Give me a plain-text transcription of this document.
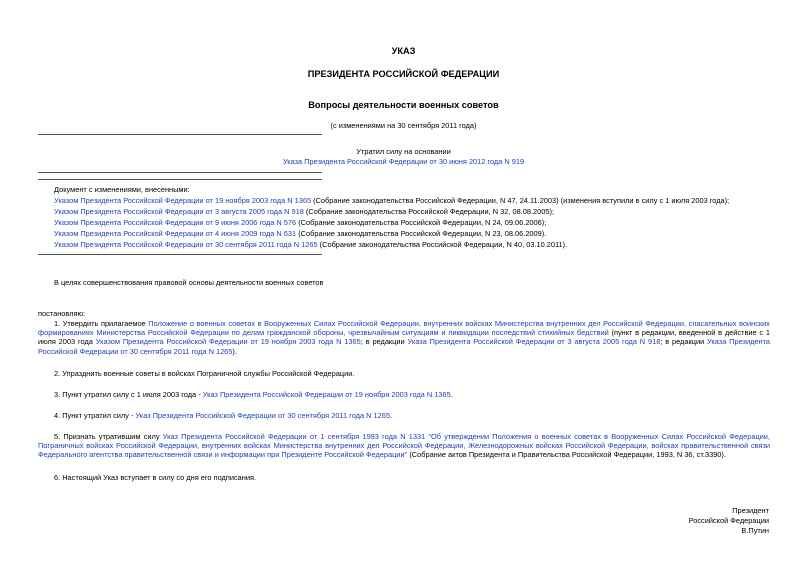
УКАЗ
ПРЕЗИДЕНТА РОССИЙСКОЙ ФЕДЕРАЦИИ
Вопросы деятельности военных советов
(с изменениями на 30 сентября 2011 года)
Утратил силу на основании
Указа Президента Российской Федерации от 30 июня 2012 года N 919
Документ с изменениями, внесенными:
Указом Президента Российской Федерации от 19 ноября 2003 года N 1365 (Собрание законодательства Российской Федерации, N 47, 24.11.2003) (изменения вступили в силу с 1 июля 2003 года);
Указом Президента Российской Федерации от 3 августа 2005 года N 918 (Собрание законодательства Российской Федерации, N 32, 08.08.2005);
Указом Президента Российской Федерации от 9 июня 2006 года N 576 (Собрание законодательства Российской Федерации, N 24, 09.06.2006);
Указом Президента Российской Федерации от 4 июня 2009 года N 631 (Собрание законодательства Российской Федерации, N 23, 08.06.2009).
Указом Президента Российской Федерации от 30 сентября 2011 года N 1265 (Собрание законодательства Российской Федерации, N 40, 03.10.2011).
В целях совершенствования правовой основы деятельности военных советов
постановляю:
1. Утвердить прилагаемое Положение о военных советах в Вооруженных Силах Российской Федерации, внутренних войсках Министерства внутренних дел Российской Федерации, спасательных воинских формированиях Министерства Российской Федерации по делам гражданской обороны, чрезвычайным ситуациям и ликвидации последствий стихийных бедствий (пункт в редакции, введенной в действие с 1 июля 2003 года Указом Президента Российской Федерации от 19 ноября 2003 года N 1365; в редакции Указа Президента Российской Федерации от 3 августа 2005 года N 918; в редакции Указа Президента Российской Федерации от 30 сентября 2011 года N 1265).
2. Упразднить военные советы в войсках Пограничной службы Российской Федерации.
3. Пункт утратил силу с 1 июля 2003 года - Указ Президента Российской Федерации от 19 ноября 2003 года N 1365.
4. Пункт утратил силу - Указ Президента Российской Федерации от 30 сентября 2011 года N 1265.
5. Признать утратившим силу Указ Президента Российской Федерации от 1 сентября 1993 года N 1331 "Об утверждении Положения о военных советах в Вооруженных Силах Российской Федерации, Пограничных войсках Российской Федерации, внутренних войсках Министерства внутренних дел Российской Федерации, Железнодорожных войсках Российской Федерации, войсках правительственной связи Федерального агентства правительственной связи и информации при Президенте Российской Федерации" (Собрание актов Президента и Правительства Российской Федерации, 1993, N 36, ст.3390).
6. Настоящий Указ вступает в силу со дня его подписания.
Президент
Российской Федерации
В.Путин
